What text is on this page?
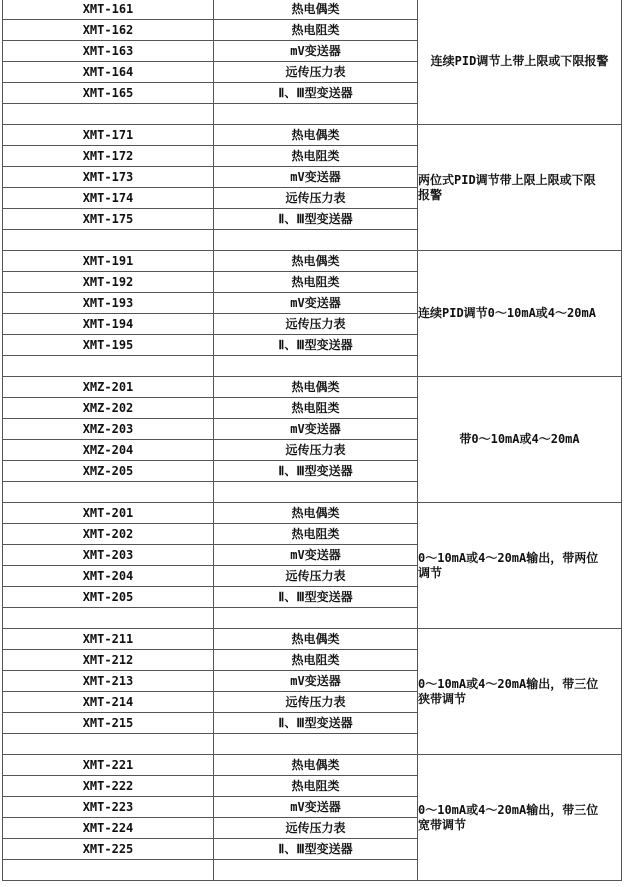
XMT-161	热电偶类	连续PID调节上带上限或下限报警
XMT-162	热电阻类	
XMT-163	mV变送器	
XMT-164	远传压力表	
XMT-165	Ⅱ、Ⅲ型变送器	

XMT-171	热电偶类	两位式PID调节带上限上限或下限
报警
XMT-172	热电阻类	
XMT-173	mV变送器	
XMT-174	远传压力表	
XMT-175	Ⅱ、Ⅲ型变送器	

XMT-191	热电偶类	连续PID调节0～10mA或4～20mA
XMT-192	热电阻类	
XMT-193	mV变送器	
XMT-194	远传压力表	
XMT-195	Ⅱ、Ⅲ型变送器	

XMZ-201	热电偶类	带0～10mA或4～20mA
XMZ-202	热电阻类	
XMZ-203	mV变送器	
XMZ-204	远传压力表	
XMZ-205	Ⅱ、Ⅲ型变送器	

XMT-201	热电偶类	0～10mA或4～20mA输出，带两位
调节
XMT-202	热电阻类	
XMT-203	mV变送器	
XMT-204	远传压力表	
XMT-205	Ⅱ、Ⅲ型变送器	

XMT-211	热电偶类	0～10mA或4～20mA输出，带三位
狭带调节
XMT-212	热电阻类	
XMT-213	mV变送器	
XMT-214	远传压力表	
XMT-215	Ⅱ、Ⅲ型变送器	

XMT-221	热电偶类	0～10mA或4～20mA输出，带三位
宽带调节
XMT-222	热电阻类	
XMT-223	mV变送器	
XMT-224	远传压力表	
XMT-225	Ⅱ、Ⅲ型变送器	
